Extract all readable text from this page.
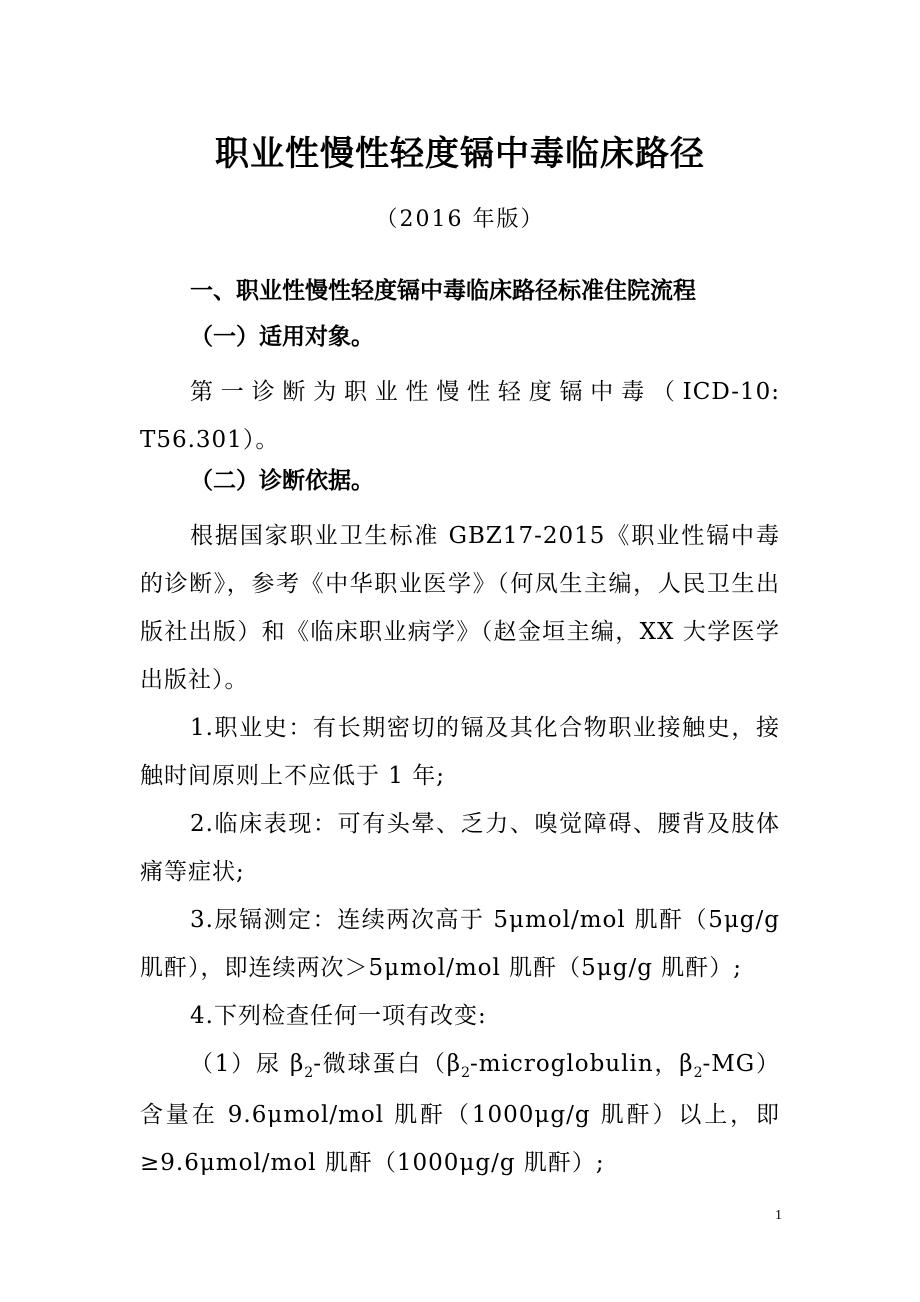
职业性慢性轻度镉中毒临床路径
（2016 年版）
一、职业性慢性轻度镉中毒临床路径标准住院流程
（一）适用对象。
第一诊断为职业性慢性轻度镉中毒（ICD-10: T56.301）。
（二）诊断依据。
根据国家职业卫生标准 GBZ17-2015《职业性镉中毒的诊断》，参考《中华职业医学》（何凤生主编，人民卫生出版社出版）和《临床职业病学》（赵金垣主编，XX 大学医学出版社）。
1.职业史：有长期密切的镉及其化合物职业接触史，接触时间原则上不应低于 1 年;
2.临床表现：可有头晕、乏力、嗅觉障碍、腰背及肢体痛等症状;
3.尿镉测定：连续两次高于 5μmol/mol 肌酐（5μg/g 肌酐），即连续两次＞5μmol/mol 肌酐（5μg/g 肌酐）;
4.下列检查任何一项有改变:
（1）尿 $\beta_2-$微球蛋白（$\beta_2$-microglobulin，$\beta_2-MG$）含量在 9.6μmol/mol 肌酐（1000μg/g 肌酐）以上，即≥9.6μmol/mol 肌酐（1000μg/g 肌酐）;
1
